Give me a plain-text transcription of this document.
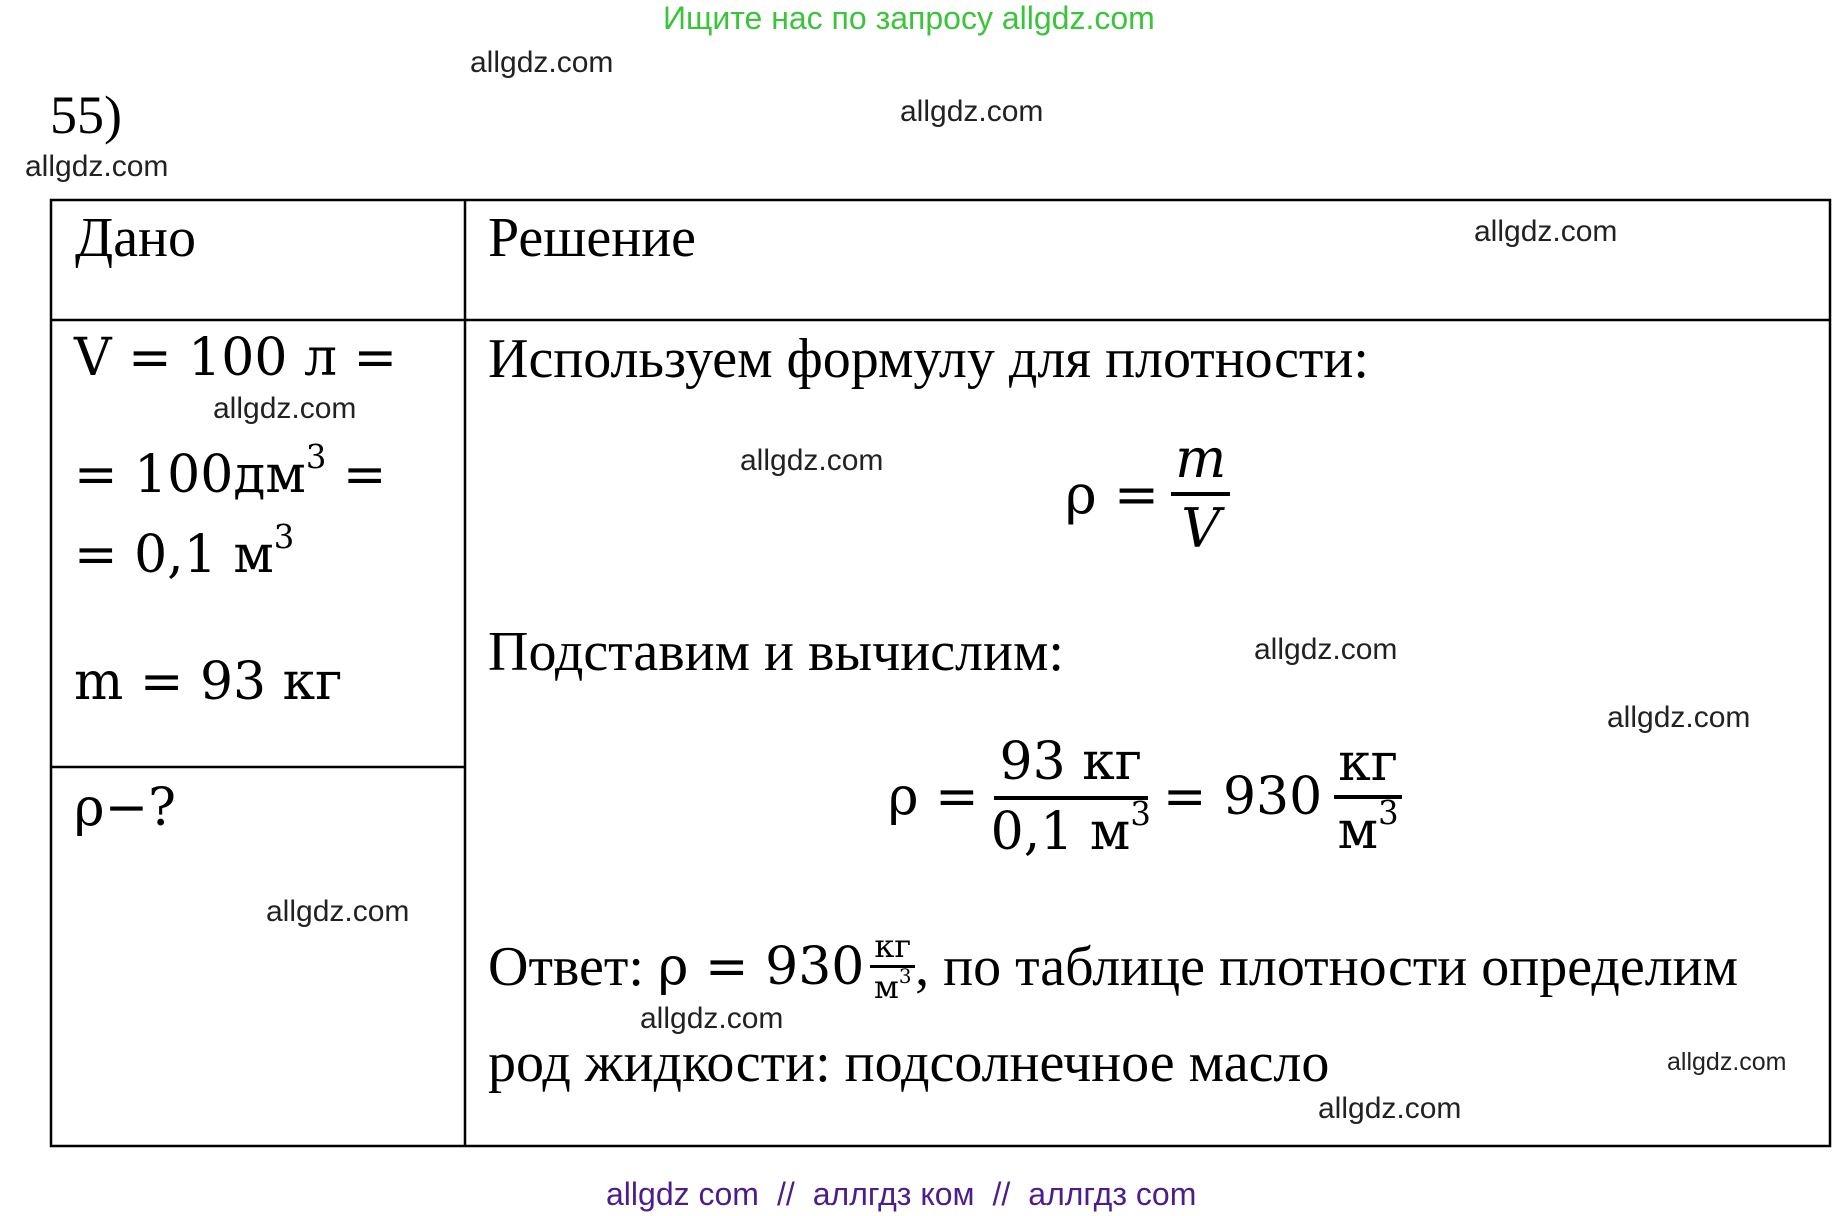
Ищите нас по запросу allgdz.com
55)
allgdz.com
allgdz.com
allgdz.com
allgdz.com
allgdz.com
allgdz.com
allgdz.com
allgdz.com
allgdz.com
allgdz.com
allgdz.com
allgdz.com
Дано	Решение
V = 100 л =
= $100дм^3$ =
= 0,1 $м^3$
m = 93 кг
ρ−?
Используем формулу для плотности:
$\rho = \frac{m}{V}$
Подставим и вычислим:
$\rho = \frac{93 кг}{0,1 м^3} = 930 \frac{кг}{м^3}$
Ответ: $\rho = 930 \frac{кг}{м^3}$ , по таблице плотности определим
род жидкости: подсолнечное масло
allgdz com // аллгдз ком // аллгдз com
